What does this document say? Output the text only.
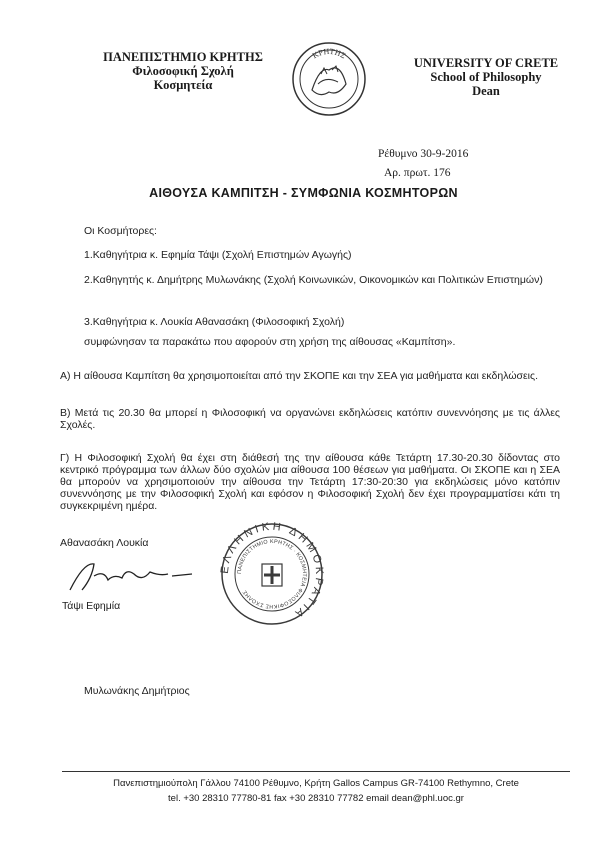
ΠΑΝΕΠΙΣΤΗΜΙΟ ΚΡΗΤΗΣ
Φιλοσοφική Σχολή
Κοσμητεία
ΚΡΗΤΗΣ
UNIVERSITY OF CRETE
School of Philosophy
Dean
Ρέθυμνο 30-9-2016
Αρ. πρωτ. 176
ΑΙΘΟΥΣΑ ΚΑΜΠΙΤΣΗ - ΣΥΜΦΩΝΙΑ ΚΟΣΜΗΤΟΡΩΝ
Οι Κοσμήτορες:
1.Καθηγήτρια κ. Εφημία Τάψι (Σχολή Επιστημών Αγωγής)
2.Καθηγητής κ. Δημήτρης Μυλωνάκης (Σχολή Κοινωνικών, Οικονομικών και Πολιτικών Επιστημών)
3.Καθηγήτρια κ. Λουκία Αθανασάκη (Φιλοσοφική Σχολή)
συμφώνησαν τα παρακάτω που αφορούν στη χρήση της αίθουσας «Καμπίτση».
Α) Η αίθουσα Καμπίτση θα χρησιμοποιείται από την ΣΚΟΠΕ και την ΣΕΑ για μαθήματα και εκδηλώσεις.
Β) Μετά τις 20.30 θα μπορεί η Φιλοσοφική να οργανώνει εκδηλώσεις κατόπιν συνεννόησης με τις άλλες Σχολές.
Γ) Η Φιλοσοφική Σχολή θα έχει στη διάθεσή της την αίθουσα κάθε Τετάρτη 17.30-20.30 δίδοντας στο κεντρικό πρόγραμμα των άλλων δύο σχολών μια αίθουσα 100 θέσεων για μαθήματα. Οι ΣΚΟΠΕ και η ΣΕΑ θα μπορούν να χρησιμοποιούν την αίθουσα την Τετάρτη 17:30-20:30 για εκδηλώσεις μόνο κατόπιν συνεννόησης με την Φιλοσοφική Σχολή και εφόσον η Φιλοσοφική Σχολή δεν έχει προγραμματίσει κάτι τη συγκεκριμένη ημέρα.
ΕΛΛΗΝΙΚΗ ΔΗΜΟΚΡΑΤΙΑ
ΠΑΝΕΠΙΣΤΗΜΙΟ ΚΡΗΤΗΣ · ΚΟΣΜΗΤΕΙΑ ΦΙΛΟΣΟΦΙΚΗΣ ΣΧΟΛΗΣ
Αθανασάκη Λουκία
Τάψι Εφημία
Μυλωνάκης Δημήτριος
Πανεπιστημιούπολη Γάλλου 74100 Ρέθυμνο, Κρήτη Gallos Campus GR-74100 Rethymno, Crete
tel. +30 28310 77780-81 fax +30 28310 77782 email dean@phl.uoc.gr
